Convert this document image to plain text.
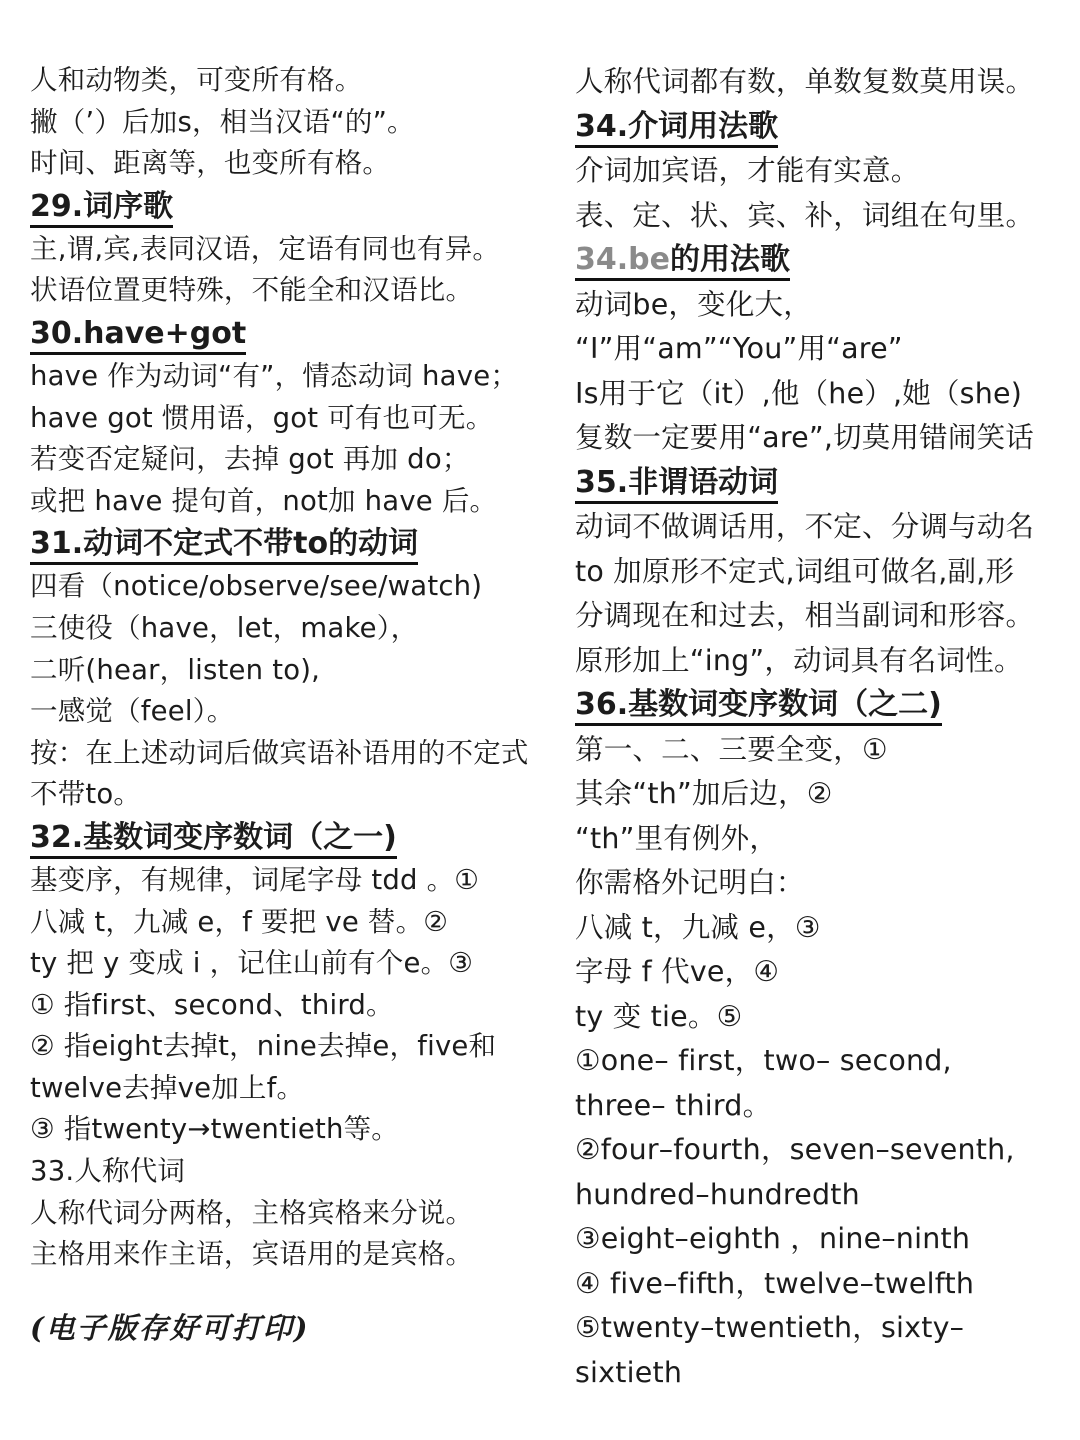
人和动物类，可变所有格。
撇（’）后加s，相当汉语“的”。
时间、距离等，也变所有格。
29.词序歌
主,谓,宾,表同汉语，定语有同也有异。
状语位置更特殊，不能全和汉语比。
30.have+got
have 作为动词“有”，情态动词 have；
have got 惯用语，got 可有也可无。
若变否定疑问，去掉 got 再加 do；
或把 have 提句首，not加 have 后。
31.动词不定式不带to的动词
四看（notice/observe/see/watch)
三使役（have，let，make），
二听(hear，listen to),
一感觉（feel）。
按：在上述动词后做宾语补语用的不定式
不带to。
32.基数词变序数词（之一)
基变序，有规律，词尾字母 tdd 。①
八减 t，九减 e，f 要把 ve 替。②
ty 把 y 变成 i ，记住山前有个e。③
① 指first、second、third。
② 指eight去掉t，nine去掉e，five和
twelve去掉ve加上f。
③ 指twenty→twentieth等。
33.人称代词
人称代词分两格，主格宾格来分说。
主格用来作主语，宾语用的是宾格。
(电子版存好可打印)
人称代词都有数，单数复数莫用误。
34.介词用法歌
介词加宾语，才能有实意。
表、定、状、宾、补，词组在句里。
34.be的用法歌
动词be，变化大，
“I”用“am”“You”用“are”
Is用于它（it）,他（he）,她（she)
复数一定要用“are”,切莫用错闹笑话
35.非谓语动词
动词不做调话用，不定、分调与动名
to 加原形不定式,词组可做名,副,形
分调现在和过去，相当副词和形容。
原形加上“ing”，动词具有名词性。
36.基数词变序数词（之二)
第一、二、三要全变，①
其余“th”加后边，②
“th”里有例外，
你需格外记明白：
八减 t，九减 e，③
字母 f 代ve，④
ty 变 tie。⑤
①one– first，two– second,
three– third。
②four–fourth，seven–seventh,
hundred–hundredth
③eight–eighth ，nine–ninth
④ five–fifth，twelve–twelfth
⑤twenty–twentieth，sixty–
sixtieth
